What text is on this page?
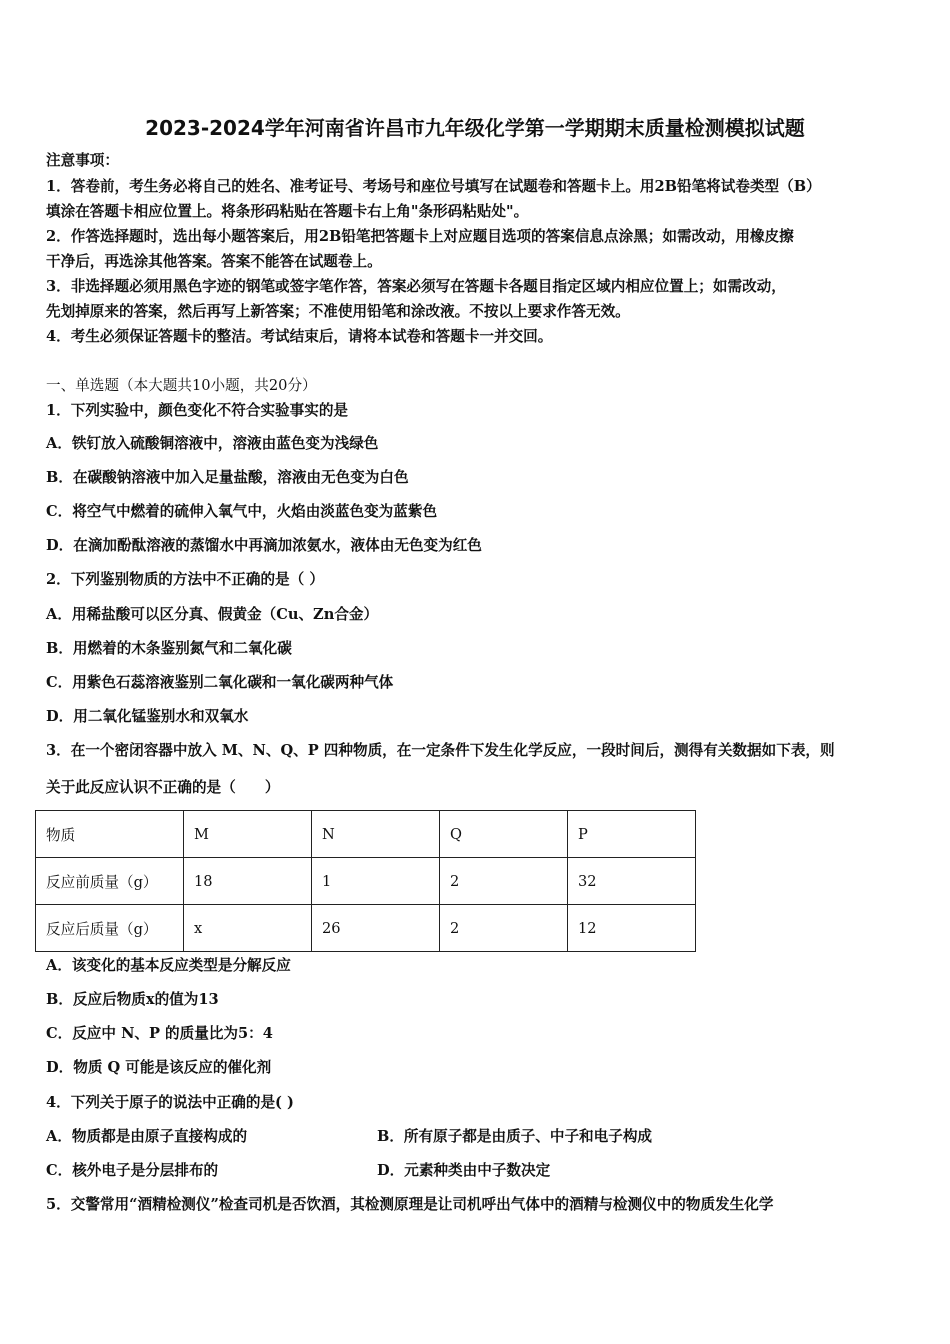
2023-2024学年河南省许昌市九年级化学第一学期期末质量检测模拟试题
注意事项：
1．答卷前，考生务必将自己的姓名、准考证号、考场号和座位号填写在试题卷和答题卡上。用2B铅笔将试卷类型（B）
填涂在答题卡相应位置上。将条形码粘贴在答题卡右上角"条形码粘贴处"。
2．作答选择题时，选出每小题答案后，用2B铅笔把答题卡上对应题目选项的答案信息点涂黑；如需改动，用橡皮擦
干净后，再选涂其他答案。答案不能答在试题卷上。
3．非选择题必须用黑色字迹的钢笔或签字笔作答，答案必须写在答题卡各题目指定区域内相应位置上；如需改动，
先划掉原来的答案，然后再写上新答案；不准使用铅笔和涂改液。不按以上要求作答无效。
4．考生必须保证答题卡的整洁。考试结束后，请将本试卷和答题卡一并交回。
一、单选题（本大题共10小题，共20分）
1．下列实验中，颜色变化不符合实验事实的是
A．铁钉放入硫酸铜溶液中，溶液由蓝色变为浅绿色
B．在碳酸钠溶液中加入足量盐酸，溶液由无色变为白色
C．将空气中燃着的硫伸入氧气中，火焰由淡蓝色变为蓝紫色
D．在滴加酚酞溶液的蒸馏水中再滴加浓氨水，液体由无色变为红色
2．下列鉴别物质的方法中不正确的是（ ）
A．用稀盐酸可以区分真、假黄金（Cu、Zn合金）
B．用燃着的木条鉴别氮气和二氧化碳
C．用紫色石蕊溶液鉴别二氧化碳和一氧化碳两种气体
D．用二氧化锰鉴别水和双氧水
3．在一个密闭容器中放入 M、N、Q、P 四种物质，在一定条件下发生化学反应，一段时间后，测得有关数据如下表，则
关于此反应认识不正确的是（　　）
物质	M	N	Q	P
反应前质量（g）	18	1	2	32
反应后质量（g）	x	26	2	12
A．该变化的基本反应类型是分解反应
B．反应后物质x的值为13
C．反应中 N、P 的质量比为5：4
D．物质 Q 可能是该反应的催化剂
4．下列关于原子的说法中正确的是( )
A．物质都是由原子直接构成的	B．所有原子都是由质子、中子和电子构成
C．核外电子是分层排布的	D．元素种类由中子数决定
5．交警常用“酒精检测仪”检查司机是否饮酒，其检测原理是让司机呼出气体中的酒精与检测仪中的物质发生化学
